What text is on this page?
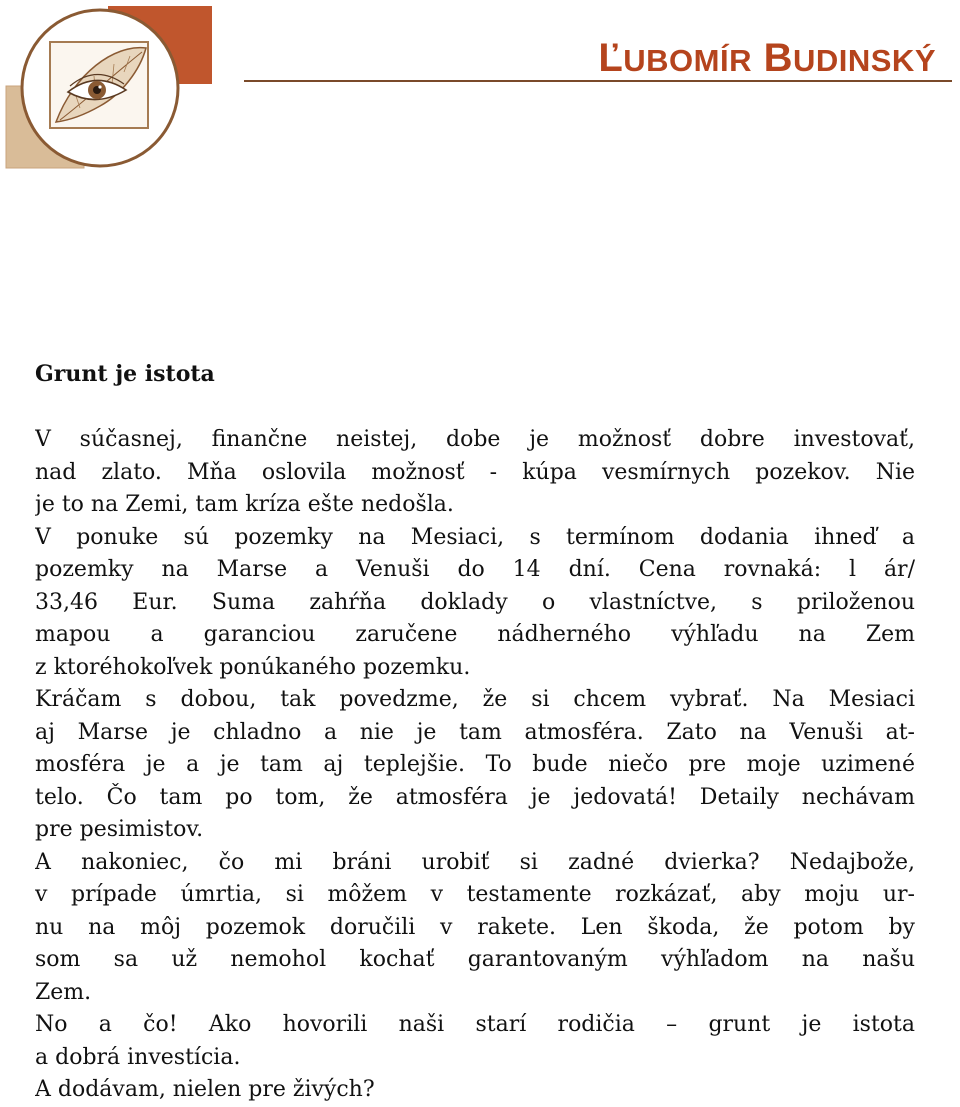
ĽUBOMÍR BUDINSKÝ
Grunt je istota
V súčasnej, finančne neistej, dobe je možnosť dobre investovať,
nad zlato. Mňa oslovila možnosť - kúpa vesmírnych pozekov. Nie
je to na Zemi, tam kríza ešte nedošla.
V ponuke sú pozemky na Mesiaci, s termínom dodania ihneď a
pozemky na Marse a Venuši do 14 dní. Cena rovnaká: l ár/
33,46 Eur. Suma zahŕňa doklady o vlastníctve, s priloženou
mapou a garanciou zaručene nádherného výhľadu na Zem
z ktoréhokoľvek ponúkaného pozemku.
Kráčam s dobou, tak povedzme, že si chcem vybrať. Na Mesiaci
aj Marse je chladno a nie je tam atmosféra. Zato na Venuši at-
mosféra je a je tam aj teplejšie. To bude niečo pre moje uzimené
telo. Čo tam po tom, že atmosféra je jedovatá! Detaily nechávam
pre pesimistov.
A nakoniec, čo mi bráni urobiť si zadné dvierka? Nedajbože,
v prípade úmrtia, si môžem v testamente rozkázať, aby moju ur-
nu na môj pozemok doručili v rakete. Len škoda, že potom by
som sa už nemohol kochať garantovaným výhľadom na našu
Zem.
No a čo! Ako hovorili naši starí rodičia – grunt je istota
a dobrá investícia.
A dodávam, nielen pre živých?
